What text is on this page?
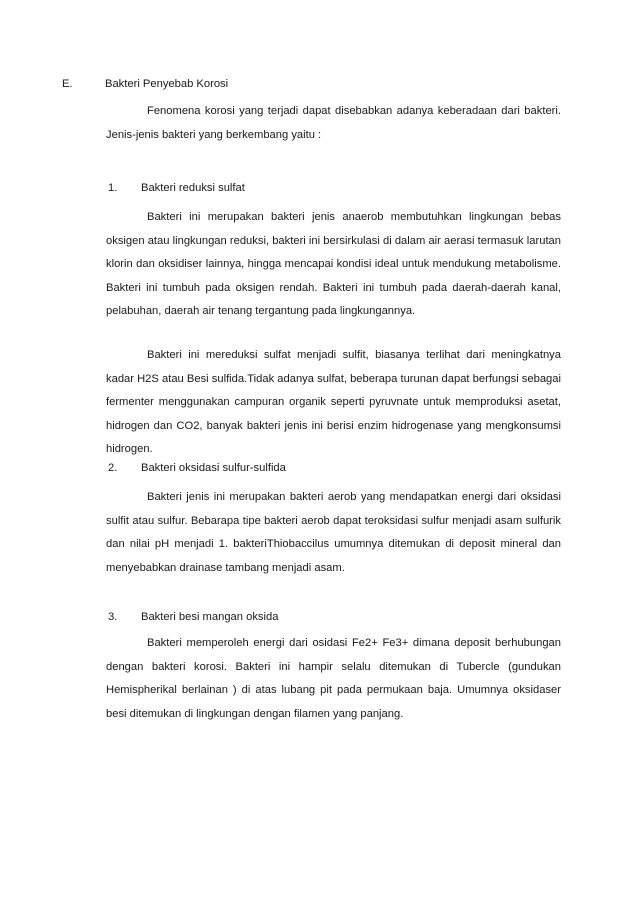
E.	Bakteri Penyebab Korosi

Fenomena korosi yang terjadi dapat disebabkan adanya keberadaan dari bakteri. Jenis-jenis bakteri yang berkembang yaitu :

1. Bakteri reduksi sulfat

Bakteri ini merupakan bakteri jenis anaerob membutuhkan lingkungan bebas oksigen atau lingkungan reduksi, bakteri ini bersirkulasi di dalam air aerasi termasuk larutan klorin dan oksidiser lainnya, hingga mencapai kondisi ideal untuk mendukung metabolisme. Bakteri ini tumbuh pada oksigen rendah. Bakteri ini tumbuh pada daerah-daerah kanal, pelabuhan, daerah air tenang tergantung pada lingkungannya.

Bakteri ini mereduksi sulfat menjadi sulfit, biasanya terlihat dari meningkatnya kadar H2S atau Besi sulfida.Tidak adanya sulfat, beberapa turunan dapat berfungsi sebagai fermenter menggunakan campuran organik seperti pyruvnate untuk memproduksi asetat, hidrogen dan CO2, banyak bakteri jenis ini berisi enzim hidrogenase yang mengkonsumsi hidrogen.

2. Bakteri oksidasi sulfur-sulfida

Bakteri jenis ini merupakan bakteri aerob yang mendapatkan energi dari oksidasi sulfit atau sulfur. Bebarapa tipe bakteri aerob dapat teroksidasi sulfur menjadi asam sulfurik dan nilai pH menjadi 1. bakteriThiobaccilus umumnya ditemukan di deposit mineral dan menyebabkan drainase tambang menjadi asam.

3. Bakteri besi mangan oksida

Bakteri memperoleh energi dari osidasi Fe2+ Fe3+ dimana deposit berhubungan dengan bakteri korosi. Bakteri ini hampir selalu ditemukan di Tubercle (gundukan Hemispherikal berlainan ) di atas lubang pit pada permukaan baja. Umumnya oksidaser besi ditemukan di lingkungan dengan filamen yang panjang.
